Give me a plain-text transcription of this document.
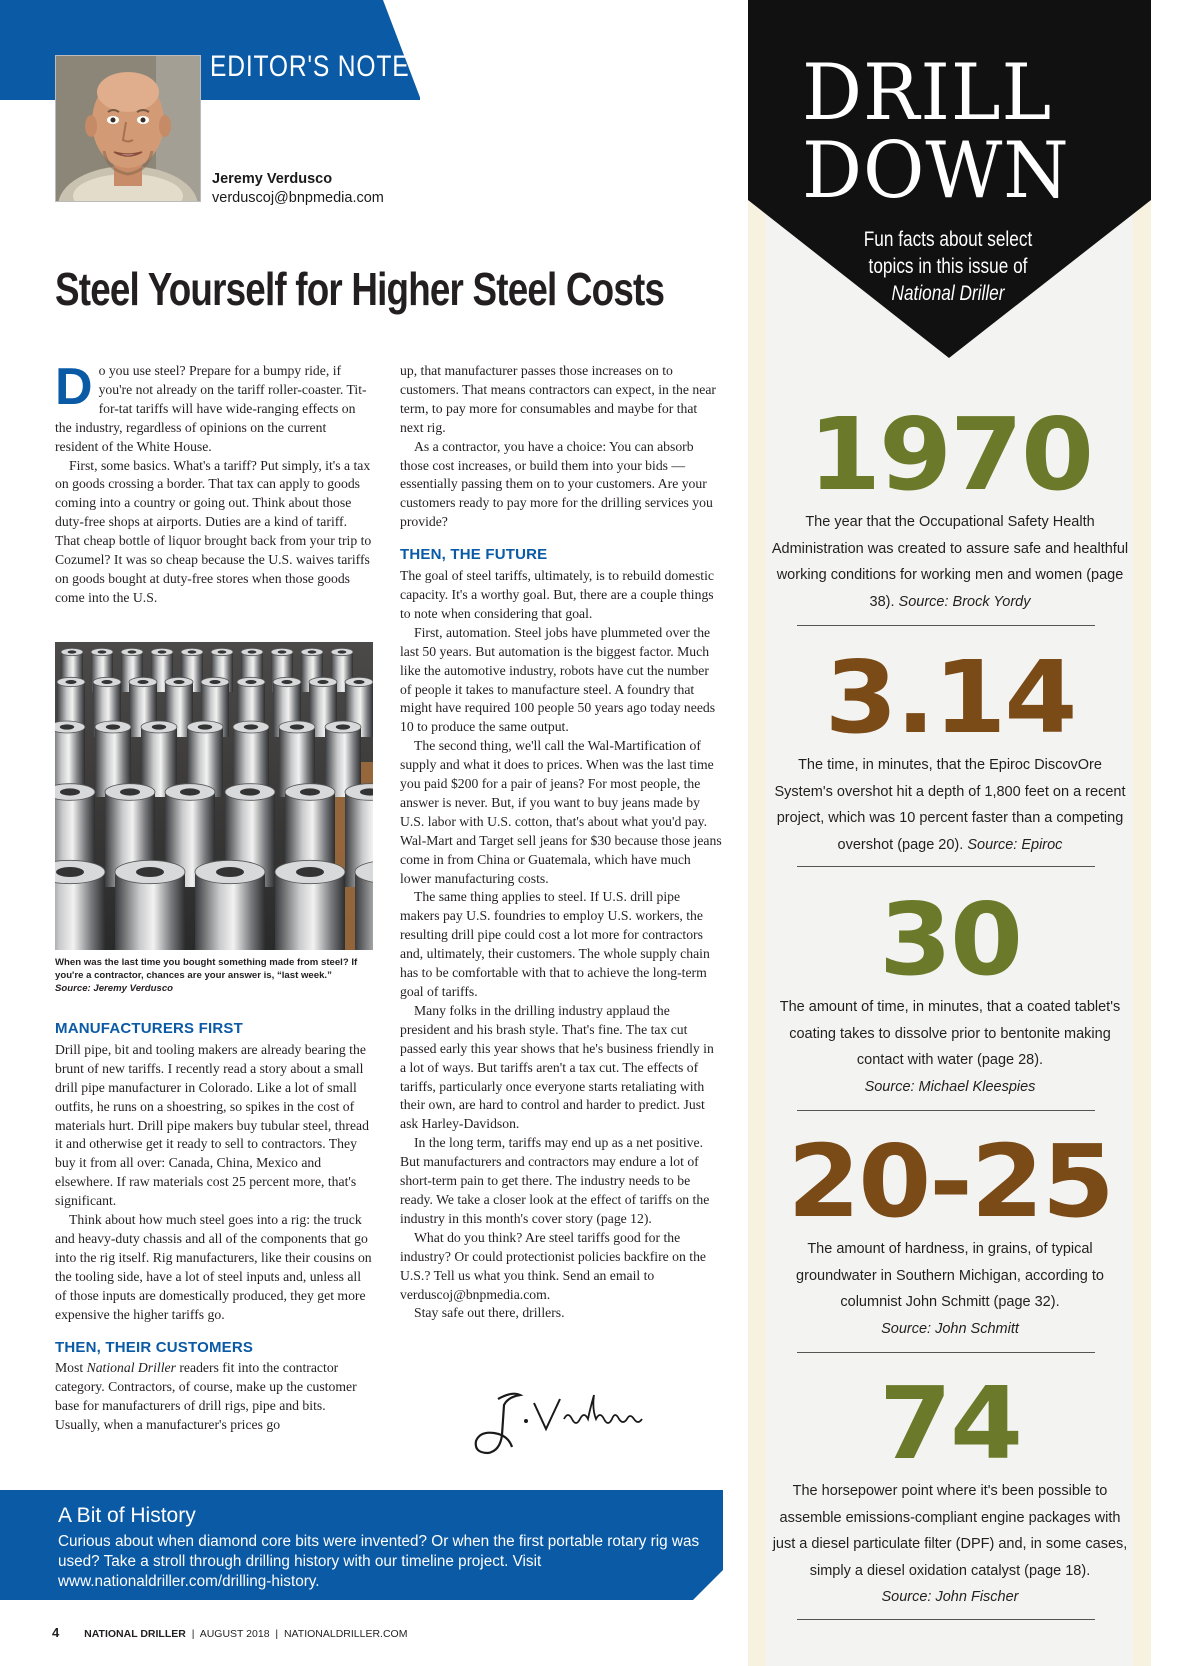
EDITOR'S NOTES
Jeremy Verdusco
verduscoj@bnpmedia.com
Steel Yourself for Higher Steel Costs
D o you use steel? Prepare for a bumpy ride, if you're not already on the tariff roller-coaster. Tit-for-tat tariffs will have wide-ranging effects on the industry, regardless of opinions on the current resident of the White House.

First, some basics. What's a tariff? Put simply, it's a tax on goods crossing a border. That tax can apply to goods coming into a country or going out. Think about those duty-free shops at airports. Duties are a kind of tariff. That cheap bottle of liquor brought back from your trip to Cozumel? It was so cheap because the U.S. waives tariffs on goods bought at duty-free stores when those goods come into the U.S.

When was the last time you bought something made from steel? If you're a contractor, chances are your answer is, “last week.”
Source: Jeremy Verdusco
MANUFACTURERS FIRST

Drill pipe, bit and tooling makers are already bearing the brunt of new tariffs. I recently read a story about a small drill pipe manufacturer in Colorado. Like a lot of small outfits, he runs on a shoestring, so spikes in the cost of materials hurt. Drill pipe makers buy tubular steel, thread it and otherwise get it ready to sell to contractors. They buy it from all over: Canada, China, Mexico and elsewhere. If raw materials cost 25 percent more, that's significant.

Think about how much steel goes into a rig: the truck and heavy-duty chassis and all of the components that go into the rig itself. Rig manufacturers, like their cousins on the tooling side, have a lot of steel inputs and, unless all of those inputs are domestically produced, they get more expensive the higher tariffs go.

THEN, THEIR CUSTOMERS

Most National Driller readers fit into the contractor category. Contractors, of course, make up the customer base for manufacturers of drill rigs, pipe and bits. Usually, when a manufacturer's prices go

up, that manufacturer passes those increases on to customers. That means contractors can expect, in the near term, to pay more for consumables and maybe for that next rig.

As a contractor, you have a choice: You can absorb those cost increases, or build them into your bids — essentially passing them on to your customers. Are your customers ready to pay more for the drilling services you provide?

THEN, THE FUTURE

The goal of steel tariffs, ultimately, is to rebuild domestic capacity. It's a worthy goal. But, there are a couple things to note when considering that goal.

First, automation. Steel jobs have plummeted over the last 50 years. But automation is the biggest factor. Much like the automotive industry, robots have cut the number of people it takes to manufacture steel. A foundry that might have required 100 people 50 years ago today needs 10 to produce the same output.

The second thing, we'll call the Wal-Martification of supply and what it does to prices. When was the last time you paid $200 for a pair of jeans? For most people, the answer is never. But, if you want to buy jeans made by U.S. labor with U.S. cotton, that's about what you'd pay. Wal-Mart and Target sell jeans for $30 because those jeans come in from China or Guatemala, which have much lower manufacturing costs.

The same thing applies to steel. If U.S. drill pipe makers pay U.S. foundries to employ U.S. workers, the resulting drill pipe could cost a lot more for contractors and, ultimately, their customers. The whole supply chain has to be comfortable with that to achieve the long-term goal of tariffs.

Many folks in the drilling industry applaud the president and his brash style. That's fine. The tax cut passed early this year shows that he's business friendly in a lot of ways. But tariffs aren't a tax cut. The effects of tariffs, particularly once everyone starts retaliating with their own, are hard to control and harder to predict. Just ask Harley-Davidson.

In the long term, tariffs may end up as a net positive. But manufacturers and contractors may endure a lot of short-term pain to get there. The industry needs to be ready. We take a closer look at the effect of tariffs on the industry in this month's cover story (page 12).

What do you think? Are steel tariffs good for the industry? Or could protectionist policies backfire on the U.S.? Tell us what you think. Send an email to verduscoj@bnpmedia.com.

Stay safe out there, drillers.

A Bit of History
Curious about when diamond core bits were invented? Or when the first portable rotary rig was used? Take a stroll through drilling history with our timeline project. Visit www.nationaldriller.com/drilling-history.
4 NATIONAL DRILLER | AUGUST 2018 | NATIONALDRILLER.COM
DRILL
DOWN
Fun facts about select
topics in this issue of
National Driller
1970
The year that the Occupational Safety Health Administration was created to assure safe and healthful working conditions for working men and women (page 38). Source: Brock Yordy
3.14
The time, in minutes, that the Epiroc DiscovOre System's overshot hit a depth of 1,800 feet on a recent project, which was 10 percent faster than a competing overshot (page 20). Source: Epiroc
30
The amount of time, in minutes, that a coated tablet's coating takes to dissolve prior to bentonite making contact with water (page 28).
Source: Michael Kleespies
20-25
The amount of hardness, in grains, of typical groundwater in Southern Michigan, according to columnist John Schmitt (page 32).
Source: John Schmitt
74
The horsepower point where it's been possible to assemble emissions-compliant engine packages with just a diesel particulate filter (DPF) and, in some cases, simply a diesel oxidation catalyst (page 18).
Source: John Fischer
